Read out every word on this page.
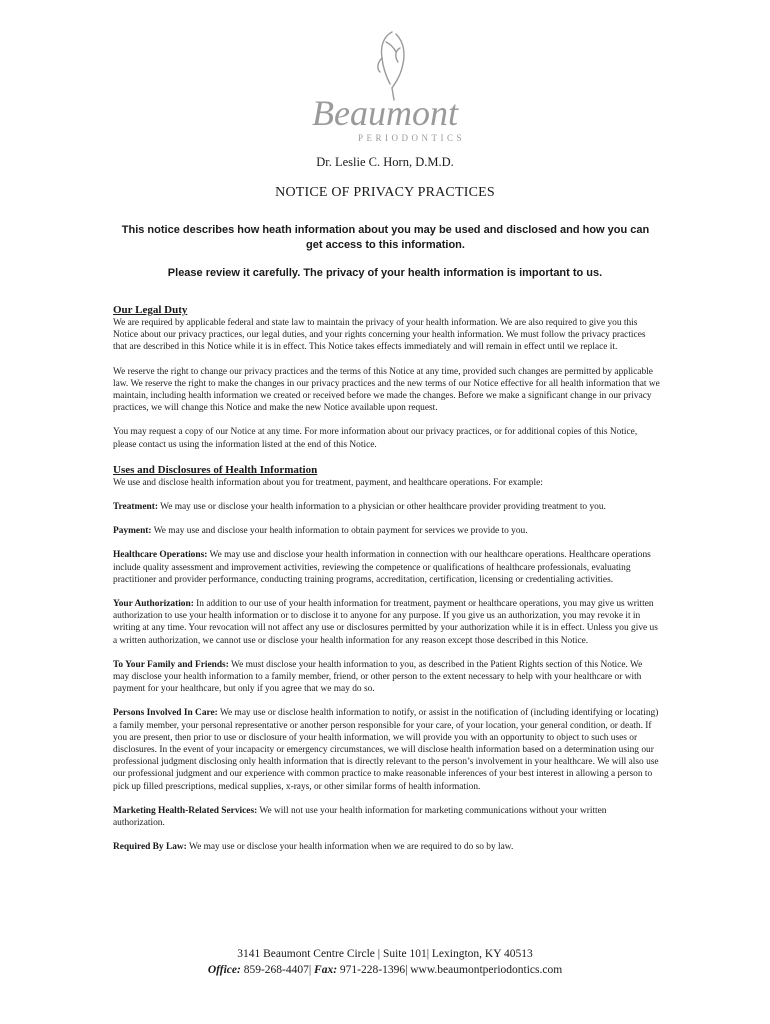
Beaumont
PERIODONTICS
Dr. Leslie C. Horn, D.M.D.
NOTICE OF PRIVACY PRACTICES
This notice describes how heath information about you may be used and disclosed and how you can get access to this information.
Please review it carefully. The privacy of your health information is important to us.
Our Legal Duty

We are required by applicable federal and state law to maintain the privacy of your health information. We are also required to give you this Notice about our privacy practices, our legal duties, and your rights concerning your health information. We must follow the privacy practices that are described in this Notice while it is in effect. This Notice takes effects immediately and will remain in effect until we replace it.

We reserve the right to change our privacy practices and the terms of this Notice at any time, provided such changes are permitted by applicable law. We reserve the right to make the changes in our privacy practices and the new terms of our Notice effective for all health information that we maintain, including health information we created or received before we made the changes. Before we make a significant change in our privacy practices, we will change this Notice and make the new Notice available upon request.

You may request a copy of our Notice at any time. For more information about our privacy practices, or for additional copies of this Notice, please contact us using the information listed at the end of this Notice.

Uses and Disclosures of Health Information

We use and disclose health information about you for treatment, payment, and healthcare operations. For example:

Treatment: We may use or disclose your health information to a physician or other healthcare provider providing treatment to you.

Payment: We may use and disclose your health information to obtain payment for services we provide to you.

Healthcare Operations: We may use and disclose your health information in connection with our healthcare operations. Healthcare operations include quality assessment and improvement activities, reviewing the competence or qualifications of healthcare professionals, evaluating practitioner and provider performance, conducting training programs, accreditation, certification, licensing or credentialing activities.

Your Authorization: In addition to our use of your health information for treatment, payment or healthcare operations, you may give us written authorization to use your health information or to disclose it to anyone for any purpose. If you give us an authorization, you may revoke it in writing at any time. Your revocation will not affect any use or disclosures permitted by your authorization while it is in effect. Unless you give us a written authorization, we cannot use or disclose your health information for any reason except those described in this Notice.

To Your Family and Friends: We must disclose your health information to you, as described in the Patient Rights section of this Notice. We may disclose your health information to a family member, friend, or other person to the extent necessary to help with your healthcare or with payment for your healthcare, but only if you agree that we may do so.

Persons Involved In Care: We may use or disclose health information to notify, or assist in the notification of (including identifying or locating) a family member, your personal representative or another person responsible for your care, of your location, your general condition, or death. If you are present, then prior to use or disclosure of your health information, we will provide you with an opportunity to object to such uses or disclosures. In the event of your incapacity or emergency circumstances, we will disclose health information based on a determination using our professional judgment disclosing only health information that is directly relevant to the person’s involvement in your healthcare. We will also use our professional judgment and our experience with common practice to make reasonable inferences of your best interest in allowing a person to pick up filled prescriptions, medical supplies, x-rays, or other similar forms of health information.

Marketing Health-Related Services: We will not use your health information for marketing communications without your written authorization.

Required By Law: We may use or disclose your health information when we are required to do so by law.

3141 Beaumont Centre Circle | Suite 101| Lexington, KY 40513
Office: 859-268-4407| Fax: 971-228-1396| www.beaumontperiodontics.com
